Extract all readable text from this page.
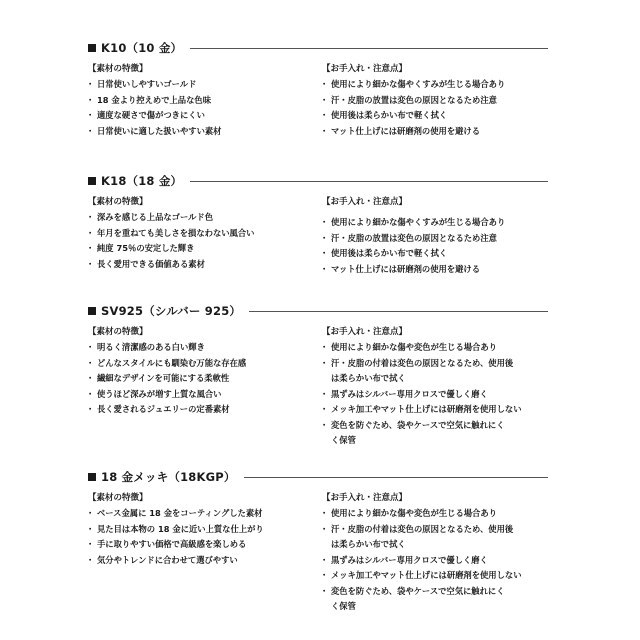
K10（10 金）
【素材の特徴】
・ 日常使いしやすいゴールド
・ 18 金より控えめで上品な色味
・ 適度な硬さで傷がつきにくい
・ 日常使いに適した扱いやすい素材
【お手入れ・注意点】
・ 使用により細かな傷やくすみが生じる場合あり
・ 汗・皮脂の放置は変色の原因となるため注意
・ 使用後は柔らかい布で軽く拭く
・ マット仕上げには研磨剤の使用を避ける
K18（18 金）
【素材の特徴】
・ 深みを感じる上品なゴールド色
・ 年月を重ねても美しさを損なわない風合い
・ 純度 75％の安定した輝き
・ 長く愛用できる価値ある素材
【お手入れ・注意点】
・ 使用により細かな傷やくすみが生じる場合あり
・ 汗・皮脂の放置は変色の原因となるため注意
・ 使用後は柔らかい布で軽く拭く
・ マット仕上げには研磨剤の使用を避ける
SV925（シルバー 925）
【素材の特徴】
・ 明るく清潔感のある白い輝き
・ どんなスタイルにも馴染む万能な存在感
・ 繊細なデザインを可能にする柔軟性
・ 使うほど深みが増す上質な風合い
・ 長く愛されるジュエリーの定番素材
【お手入れ・注意点】
・ 使用により細かな傷や変色が生じる場合あり
・ 汗・皮脂の付着は変色の原因となるため、使用後
は柔らかい布で拭く
・ 黒ずみはシルバー専用クロスで優しく磨く
・ メッキ加工やマット仕上げには研磨剤を使用しない
・ 変色を防ぐため、袋やケースで空気に触れにく
く保管
18 金メッキ（18KGP）
【素材の特徴】
・ ベース金属に 18 金をコーティングした素材
・ 見た目は本物の 18 金に近い上質な仕上がり
・ 手に取りやすい価格で高級感を楽しめる
・ 気分やトレンドに合わせて選びやすい
【お手入れ・注意点】
・ 使用により細かな傷や変色が生じる場合あり
・ 汗・皮脂の付着は変色の原因となるため、使用後
は柔らかい布で拭く
・ 黒ずみはシルバー専用クロスで優しく磨く
・ メッキ加工やマット仕上げには研磨剤を使用しない
・ 変色を防ぐため、袋やケースで空気に触れにく
く保管
